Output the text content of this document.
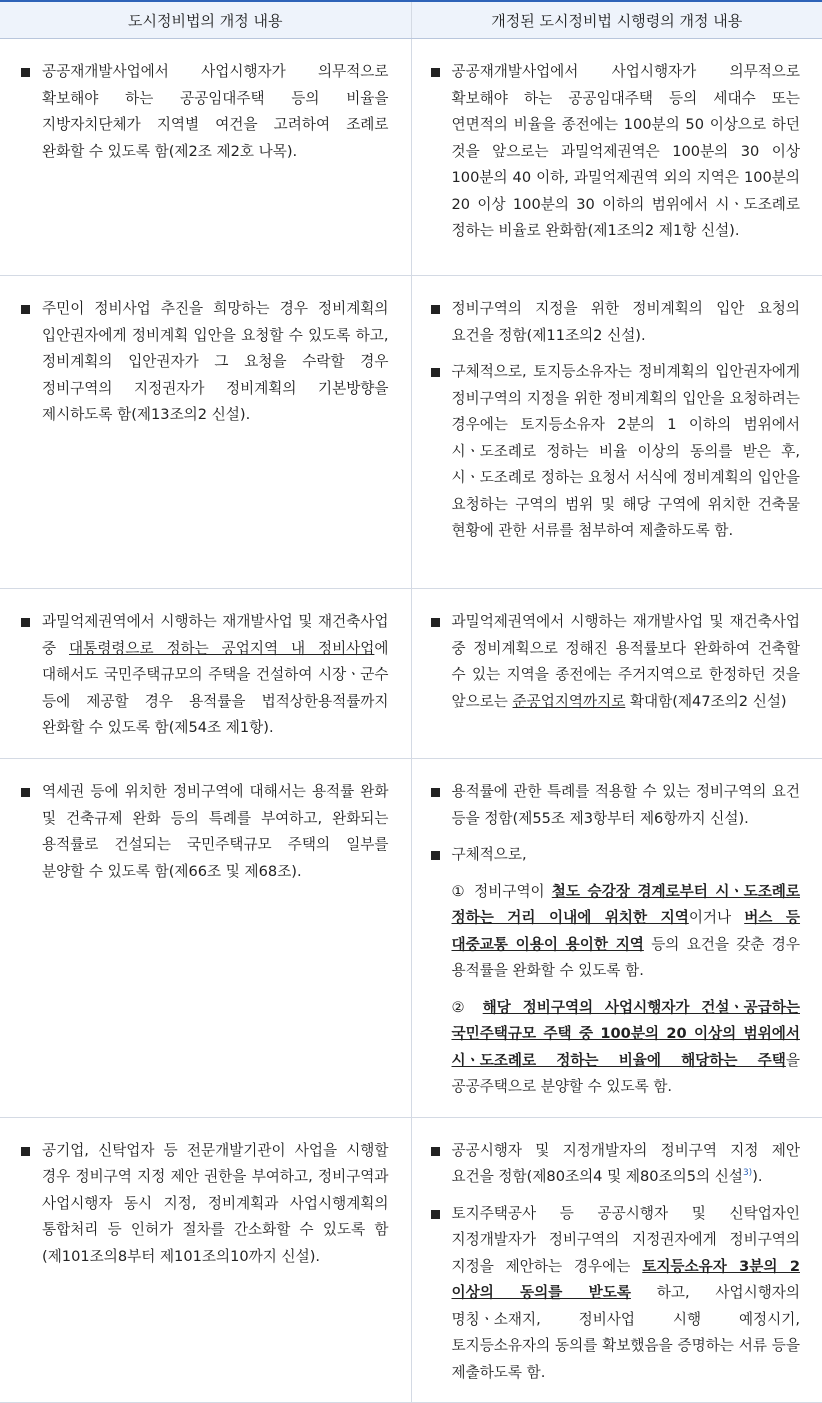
도시정비법의 개정 내용	개정된 도시정비법 시행령의 개정 내용

공공재개발사업에서 사업시행자가 의무적으로 확보해야 하는 공공임대주택 등의 비율을 지방자치단체가 지역별 여건을 고려하여 조례로 완화할 수 있도록 함(제2조 제2호 나목).	공공재개발사업에서 사업시행자가 의무적으로 확보해야 하는 공공임대주택 등의 세대수 또는 연면적의 비율을 종전에는 100분의 50 이상으로 하던 것을 앞으로는 과밀억제권역은 100분의 30 이상 100분의 40 이하, 과밀억제권역 외의 지역은 100분의 20 이상 100분의 30 이하의 범위에서 시ㆍ도조례로 정하는 비율로 완화함(제1조의2 제1항 신설).

주민이 정비사업 추진을 희망하는 경우 정비계획의 입안권자에게 정비계획 입안을 요청할 수 있도록 하고, 정비계획의 입안권자가 그 요청을 수락할 경우 정비구역의 지정권자가 정비계획의 기본방향을 제시하도록 함(제13조의2 신설).	정비구역의 지정을 위한 정비계획의 입안 요청의 요건을 정함(제11조의2 신설).
구체적으로, 토지등소유자는 정비계획의 입안권자에게 정비구역의 지정을 위한 정비계획의 입안을 요청하려는 경우에는 토지등소유자 2분의 1 이하의 범위에서 시ㆍ도조례로 정하는 비율 이상의 동의를 받은 후, 시ㆍ도조례로 정하는 요청서 서식에 정비계획의 입안을 요청하는 구역의 범위 및 해당 구역에 위치한 건축물 현황에 관한 서류를 첨부하여 제출하도록 함.

과밀억제권역에서 시행하는 재개발사업 및 재건축사업 중 대통령령으로 정하는 공업지역 내 정비사업에 대해서도 국민주택규모의 주택을 건설하여 시장ㆍ군수 등에 제공할 경우 용적률을 법적상한용적률까지 완화할 수 있도록 함(제54조 제1항).	과밀억제권역에서 시행하는 재개발사업 및 재건축사업 중 정비계획으로 정해진 용적률보다 완화하여 건축할 수 있는 지역을 종전에는 주거지역으로 한정하던 것을 앞으로는 준공업지역까지로 확대함(제47조의2 신설)

역세권 등에 위치한 정비구역에 대해서는 용적률 완화 및 건축규제 완화 등의 특례를 부여하고, 완화되는 용적률로 건설되는 국민주택규모 주택의 일부를 분양할 수 있도록 함(제66조 및 제68조).	용적률에 관한 특례를 적용할 수 있는 정비구역의 요건 등을 정함(제55조 제3항부터 제6항까지 신설).
구체적으로,
① 정비구역이 철도 승강장 경계로부터 시ㆍ도조례로 정하는 거리 이내에 위치한 지역이거나 버스 등 대중교통 이용이 용이한 지역 등의 요건을 갖춘 경우 용적률을 완화할 수 있도록 함.
② 해당 정비구역의 사업시행자가 건설ㆍ공급하는 국민주택규모 주택 중 100분의 20 이상의 범위에서 시ㆍ도조례로 정하는 비율에 해당하는 주택을 공공주택으로 분양할 수 있도록 함.

공기업, 신탁업자 등 전문개발기관이 사업을 시행할 경우 정비구역 지정 제안 권한을 부여하고, 정비구역과 사업시행자 동시 지정, 정비계획과 사업시행계획의 통합처리 등 인허가 절차를 간소화할 수 있도록 함(제101조의8부터 제101조의10까지 신설).	공공시행자 및 지정개발자의 정비구역 지정 제안 요건을 정함(제80조의4 및 제80조의5의 신설$^{3)}$).
토지주택공사 등 공공시행자 및 신탁업자인 지정개발자가 정비구역의 지정권자에게 정비구역의 지정을 제안하는 경우에는 토지등소유자 3분의 2 이상의 동의를 받도록 하고, 사업시행자의 명칭ㆍ소재지, 정비사업 시행 예정시기, 토지등소유자의 동의를 확보했음을 증명하는 서류 등을 제출하도록 함.
